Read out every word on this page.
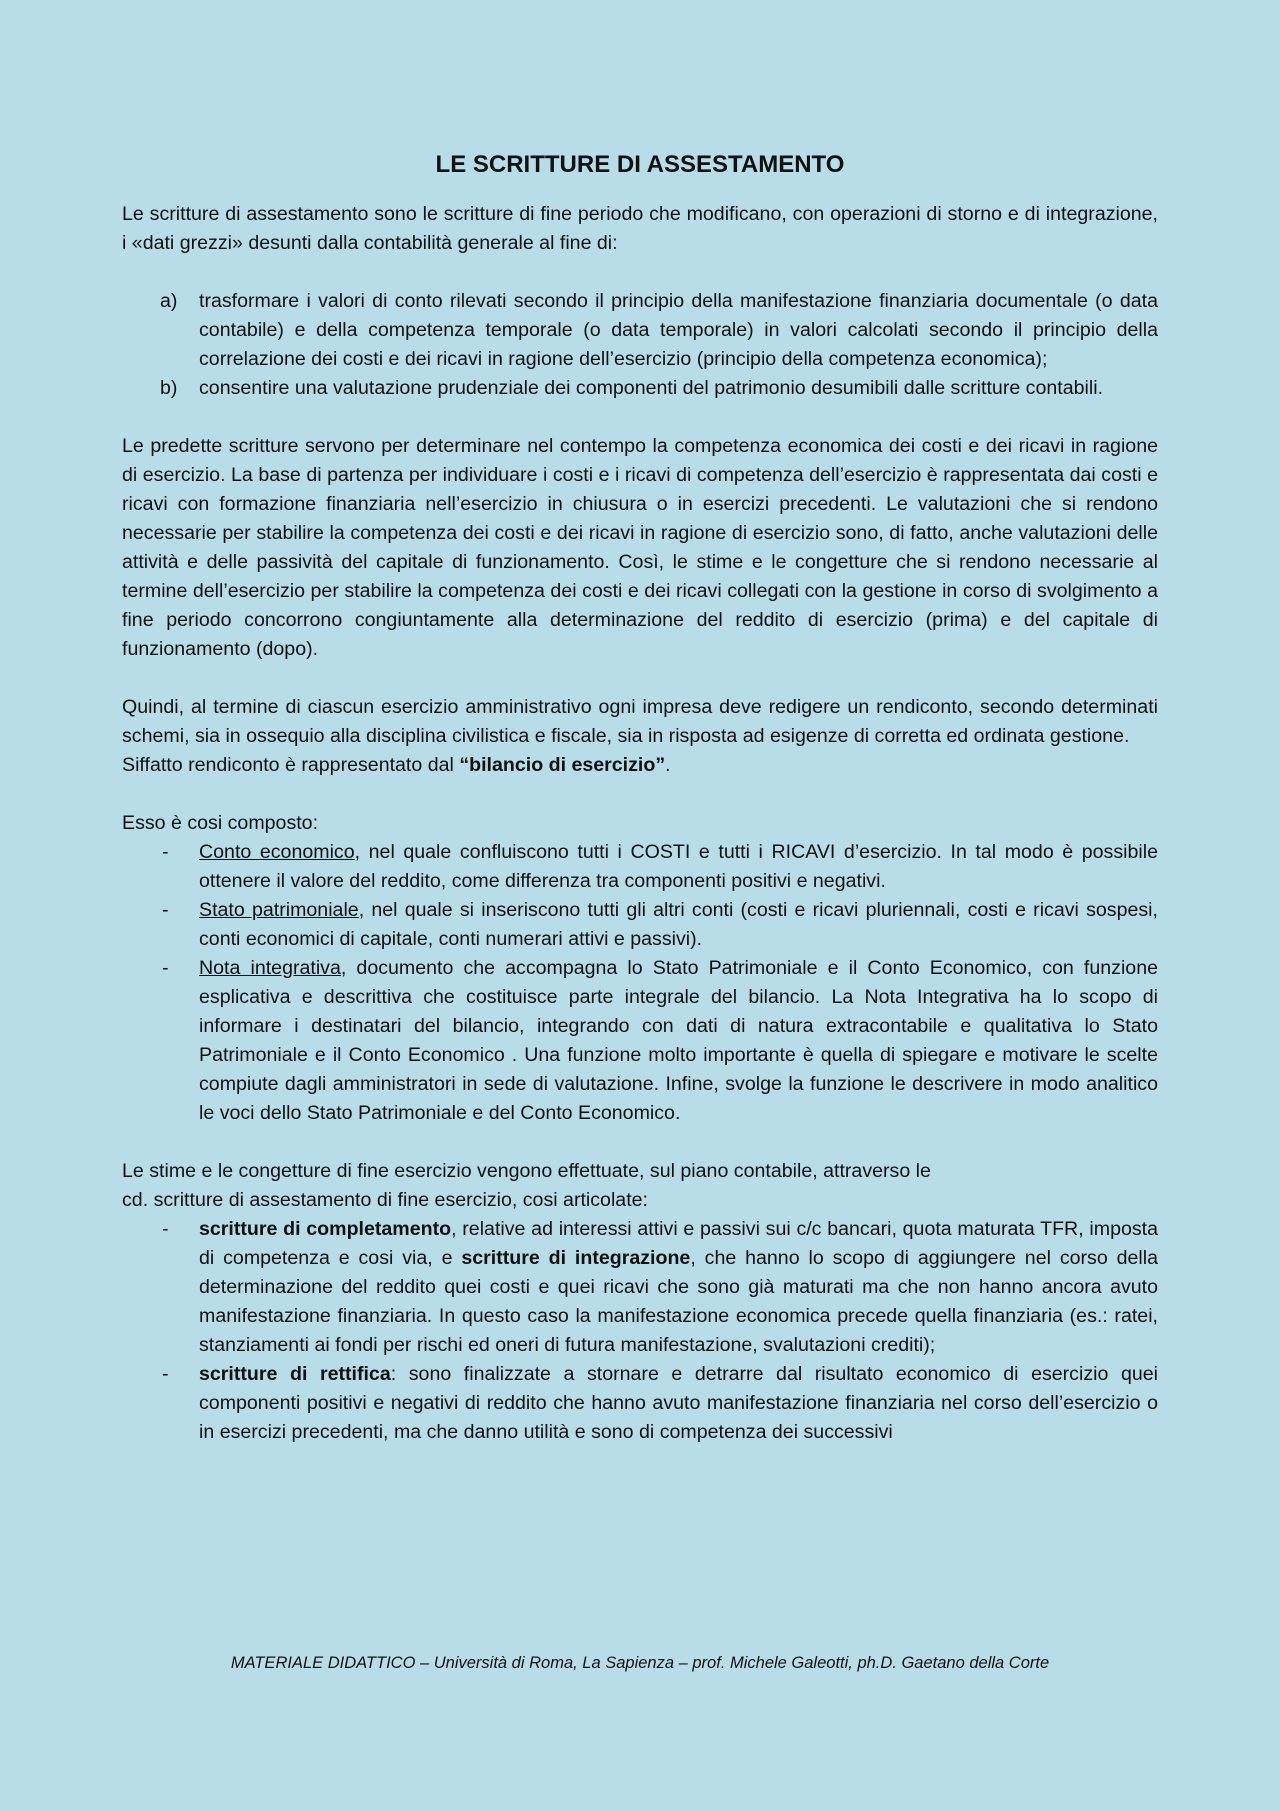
LE SCRITTURE DI ASSESTAMENTO

Le scritture di assestamento sono le scritture di fine periodo che modificano, con operazioni di storno e di integrazione, i «dati grezzi» desunti dalla contabilità generale al fine di:

a) trasformare i valori di conto rilevati secondo il principio della manifestazione finanziaria documentale (o data contabile) e della competenza temporale (o data temporale) in valori calcolati secondo il principio della correlazione dei costi e dei ricavi in ragione dell’esercizio (principio della competenza economica);
b) consentire una valutazione prudenziale dei componenti del patrimonio desumibili dalle scritture contabili.

Le predette scritture servono per determinare nel contempo la competenza economica dei costi e dei ricavi in ragione di esercizio. La base di partenza per individuare i costi e i ricavi di competenza dell’esercizio è rappresentata dai costi e ricavi con formazione finanziaria nell’esercizio in chiusura o in esercizi precedenti. Le valutazioni che si rendono necessarie per stabilire la competenza dei costi e dei ricavi in ragione di esercizio sono, di fatto, anche valutazioni delle attività e delle passività del capitale di funzionamento. Così, le stime e le congetture che si rendono necessarie al termine dell’esercizio per stabilire la competenza dei costi e dei ricavi collegati con la gestione in corso di svolgimento a fine periodo concorrono congiuntamente alla determinazione del reddito di esercizio (prima) e del capitale di funzionamento (dopo).

Quindi, al termine di ciascun esercizio amministrativo ogni impresa deve redigere un rendiconto, secondo determinati schemi, sia in ossequio alla disciplina civilistica e fiscale, sia in risposta ad esigenze di corretta ed ordinata gestione.

Siffatto rendiconto è rappresentato dal “bilancio di esercizio”.

Esso è cosi composto:

- Conto economico, nel quale confluiscono tutti i COSTI e tutti i RICAVI d’esercizio. In tal modo è possibile ottenere il valore del reddito, come differenza tra componenti positivi e negativi.
- Stato patrimoniale, nel quale si inseriscono tutti gli altri conti (costi e ricavi pluriennali, costi e ricavi sospesi, conti economici di capitale, conti numerari attivi e passivi).
- Nota integrativa, documento che accompagna lo Stato Patrimoniale e il Conto Economico, con funzione esplicativa e descrittiva che costituisce parte integrale del bilancio. La Nota Integrativa ha lo scopo di informare i destinatari del bilancio, integrando con dati di natura extracontabile e qualitativa lo Stato Patrimoniale e il Conto Economico . Una funzione molto importante è quella di spiegare e motivare le scelte compiute dagli amministratori in sede di valutazione. Infine, svolge la funzione le descrivere in modo analitico le voci dello Stato Patrimoniale e del Conto Economico.

Le stime e le congetture di fine esercizio vengono effettuate, sul piano contabile, attraverso le

cd. scritture di assestamento di fine esercizio, cosi articolate:

- scritture di completamento, relative ad interessi attivi e passivi sui c/c bancari, quota maturata TFR, imposta di competenza e cosi via, e scritture di integrazione, che hanno lo scopo di aggiungere nel corso della determinazione del reddito quei costi e quei ricavi che sono già maturati ma che non hanno ancora avuto manifestazione finanziaria. In questo caso la manifestazione economica precede quella finanziaria (es.: ratei, stanziamenti ai fondi per rischi ed oneri di futura manifestazione, svalutazioni crediti);
- scritture di rettifica: sono finalizzate a stornare e detrarre dal risultato economico di esercizio quei componenti positivi e negativi di reddito che hanno avuto manifestazione finanziaria nel corso dell’esercizio o in esercizi precedenti, ma che danno utilità e sono di competenza dei successivi
MATERIALE DIDATTICO – Università di Roma, La Sapienza – prof. Michele Galeotti, ph.D. Gaetano della Corte
